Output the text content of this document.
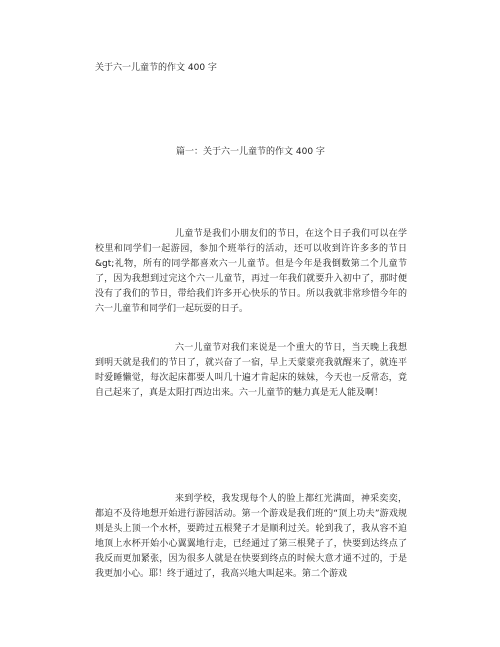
关于六一儿童节的作文 400 字
篇一：关于六一儿童节的作文 400 字

儿童节是我们小朋友们的节日，在这个日子我们可以在学校里和同学们一起游园，参加个班举行的活动，还可以收到许许多多的节日&gt;礼物，所有的同学都喜欢六一儿童节。但是今年是我倒数第二个儿童节了，因为我想到过完这个六一儿童节，再过一年我们就要升入初中了，那时便没有了我们的节日，带给我们许多开心快乐的节日。所以我就非常珍惜今年的六一儿童节和同学们一起玩耍的日子。

六一儿童节对我们来说是一个重大的节日，当天晚上我想到明天就是我们的节日了，就兴奋了一宿，早上天蒙蒙亮我就醒来了，就连平时爱睡懒觉，每次起床都要人叫几十遍才肯起床的妹妹，今天也一反常态，竟自己起来了，真是太阳打西边出来。六一儿童节的魅力真是无人能及啊！

来到学校，我发现每个人的脸上都红光满面，神采奕奕，都迫不及待地想开始进行游园活动。第一个游戏是我们班的“顶上功夫”游戏规则是头上顶一个水杯，要跨过五根凳子才是顺利过关。轮到我了，我从容不迫地顶上水杯开始小心翼翼地行走，已经通过了第三根凳子了，快要到达终点了我反而更加紧张，因为很多人就是在快要到终点的时候大意才通不过的，于是我更加小心。耶！终于通过了，我高兴地大叫起来。第二个游戏
